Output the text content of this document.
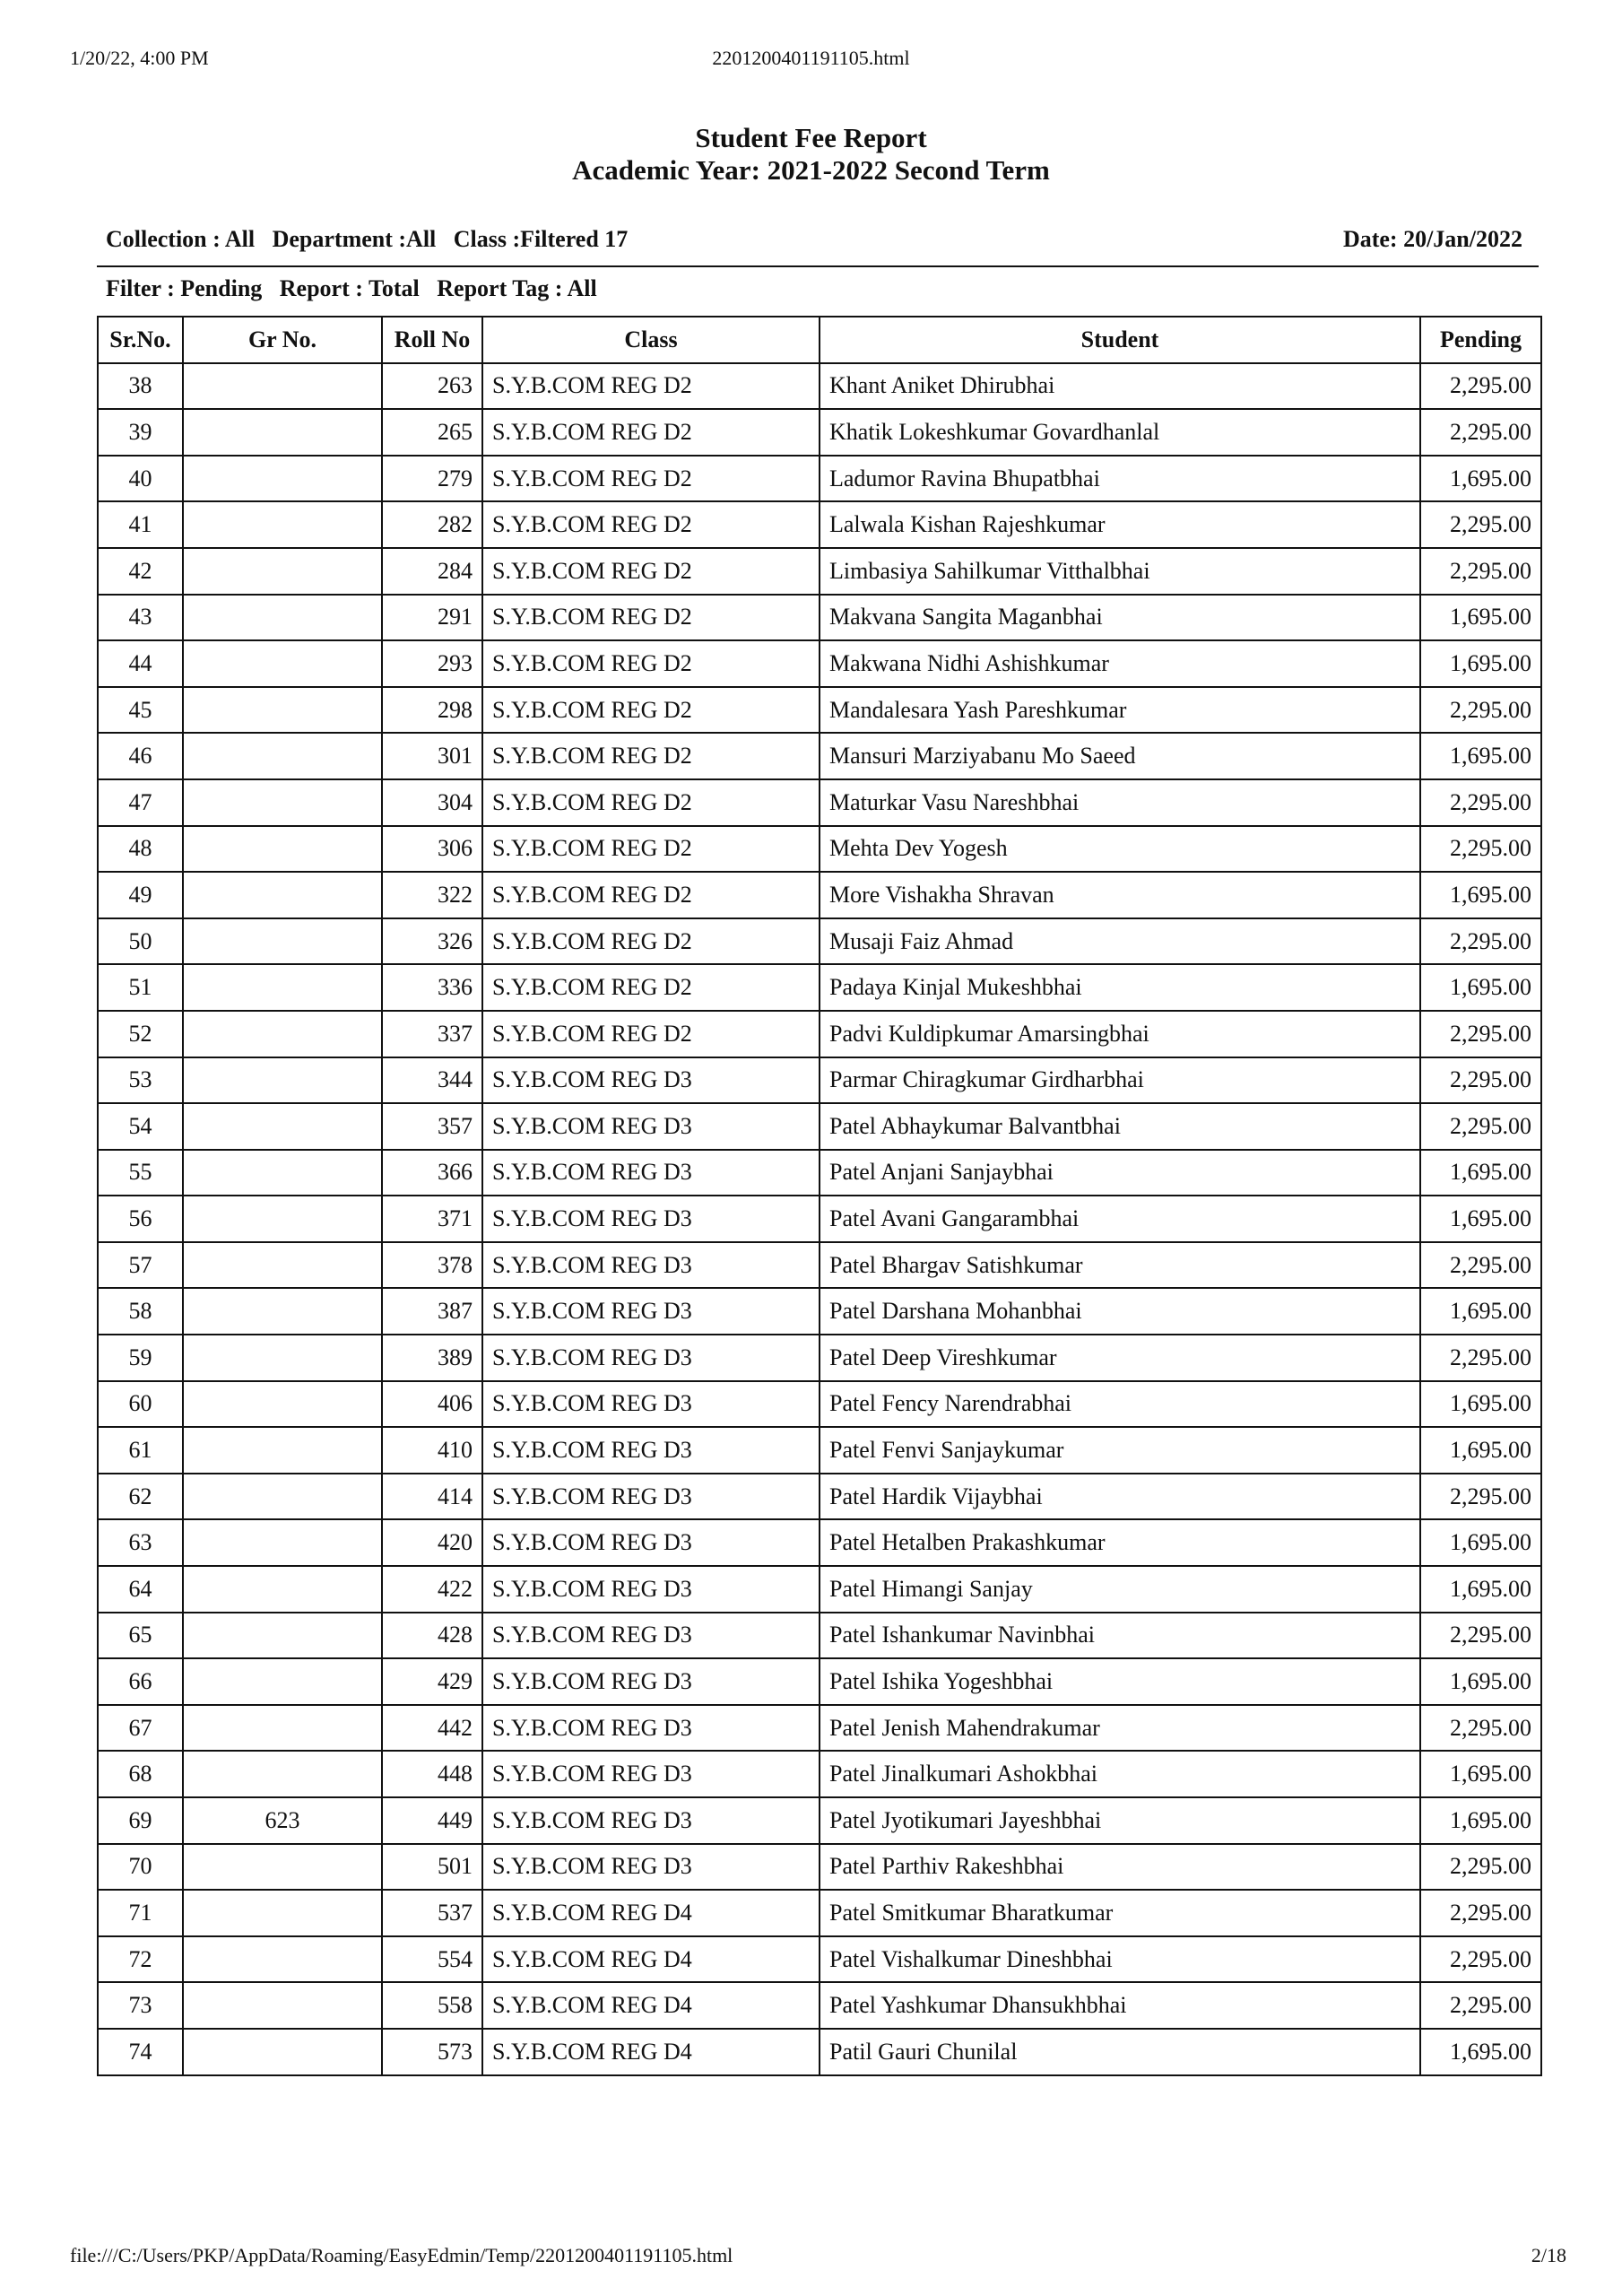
1/20/22, 4:00 PM	2201200401191105.html
Student Fee Report
Academic Year: 2021-2022 Second Term
Collection : All Department :All Class :Filtered 17	Date: 20/Jan/2022
Filter : Pending Report : Total Report Tag : All
Sr.No.	Gr No.	Roll No	Class	Student	Pending
38		263	S.Y.B.COM REG D2	Khant Aniket Dhirubhai	2,295.00
39		265	S.Y.B.COM REG D2	Khatik Lokeshkumar Govardhanlal	2,295.00
40		279	S.Y.B.COM REG D2	Ladumor Ravina Bhupatbhai	1,695.00
41		282	S.Y.B.COM REG D2	Lalwala Kishan Rajeshkumar	2,295.00
42		284	S.Y.B.COM REG D2	Limbasiya Sahilkumar Vitthalbhai	2,295.00
43		291	S.Y.B.COM REG D2	Makvana Sangita Maganbhai	1,695.00
44		293	S.Y.B.COM REG D2	Makwana Nidhi Ashishkumar	1,695.00
45		298	S.Y.B.COM REG D2	Mandalesara Yash Pareshkumar	2,295.00
46		301	S.Y.B.COM REG D2	Mansuri Marziyabanu Mo Saeed	1,695.00
47		304	S.Y.B.COM REG D2	Maturkar Vasu Nareshbhai	2,295.00
48		306	S.Y.B.COM REG D2	Mehta Dev Yogesh	2,295.00
49		322	S.Y.B.COM REG D2	More Vishakha Shravan	1,695.00
50		326	S.Y.B.COM REG D2	Musaji Faiz Ahmad	2,295.00
51		336	S.Y.B.COM REG D2	Padaya Kinjal Mukeshbhai	1,695.00
52		337	S.Y.B.COM REG D2	Padvi Kuldipkumar Amarsingbhai	2,295.00
53		344	S.Y.B.COM REG D3	Parmar Chiragkumar Girdharbhai	2,295.00
54		357	S.Y.B.COM REG D3	Patel Abhaykumar Balvantbhai	2,295.00
55		366	S.Y.B.COM REG D3	Patel Anjani Sanjaybhai	1,695.00
56		371	S.Y.B.COM REG D3	Patel Avani Gangarambhai	1,695.00
57		378	S.Y.B.COM REG D3	Patel Bhargav Satishkumar	2,295.00
58		387	S.Y.B.COM REG D3	Patel Darshana Mohanbhai	1,695.00
59		389	S.Y.B.COM REG D3	Patel Deep Vireshkumar	2,295.00
60		406	S.Y.B.COM REG D3	Patel Fency Narendrabhai	1,695.00
61		410	S.Y.B.COM REG D3	Patel Fenvi Sanjaykumar	1,695.00
62		414	S.Y.B.COM REG D3	Patel Hardik Vijaybhai	2,295.00
63		420	S.Y.B.COM REG D3	Patel Hetalben Prakashkumar	1,695.00
64		422	S.Y.B.COM REG D3	Patel Himangi Sanjay	1,695.00
65		428	S.Y.B.COM REG D3	Patel Ishankumar Navinbhai	2,295.00
66		429	S.Y.B.COM REG D3	Patel Ishika Yogeshbhai	1,695.00
67		442	S.Y.B.COM REG D3	Patel Jenish Mahendrakumar	2,295.00
68		448	S.Y.B.COM REG D3	Patel Jinalkumari Ashokbhai	1,695.00
69	623	449	S.Y.B.COM REG D3	Patel Jyotikumari Jayeshbhai	1,695.00
70		501	S.Y.B.COM REG D3	Patel Parthiv Rakeshbhai	2,295.00
71		537	S.Y.B.COM REG D4	Patel Smitkumar Bharatkumar	2,295.00
72		554	S.Y.B.COM REG D4	Patel Vishalkumar Dineshbhai	2,295.00
73		558	S.Y.B.COM REG D4	Patel Yashkumar Dhansukhbhai	2,295.00
74		573	S.Y.B.COM REG D4	Patil Gauri Chunilal	1,695.00
file:///C:/Users/PKP/AppData/Roaming/EasyEdmin/Temp/2201200401191105.html	2/18
